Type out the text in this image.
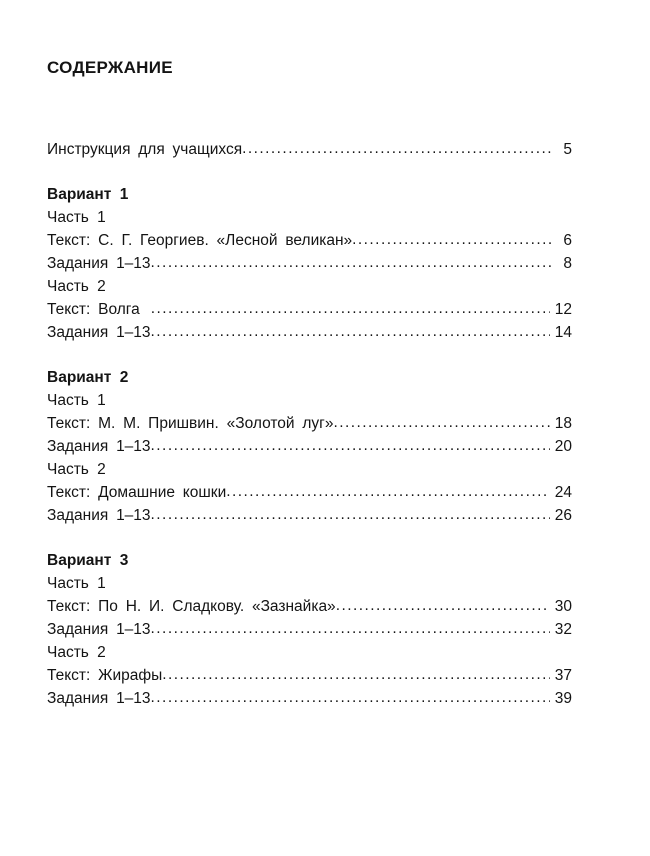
СОДЕРЖАНИЕ
Инструкция для учащихся .....	5
Вариант 1
Часть 1
Текст: С. Г. Георгиев. «Лесной великан» .....	6
Задания 1–13 .....	8
Часть 2
Текст: Волга .....	12
Задания 1–13 .....	14
Вариант 2
Часть 1
Текст: М. М. Пришвин. «Золотой луг» .....	18
Задания 1–13 .....	20
Часть 2
Текст: Домашние кошки .....	24
Задания 1–13 .....	26
Вариант 3
Часть 1
Текст: По Н. И. Сладкову. «Зазнайка» .....	30
Задания 1–13 .....	32
Часть 2
Текст: Жирафы .....	37
Задания 1–13 .....	39
